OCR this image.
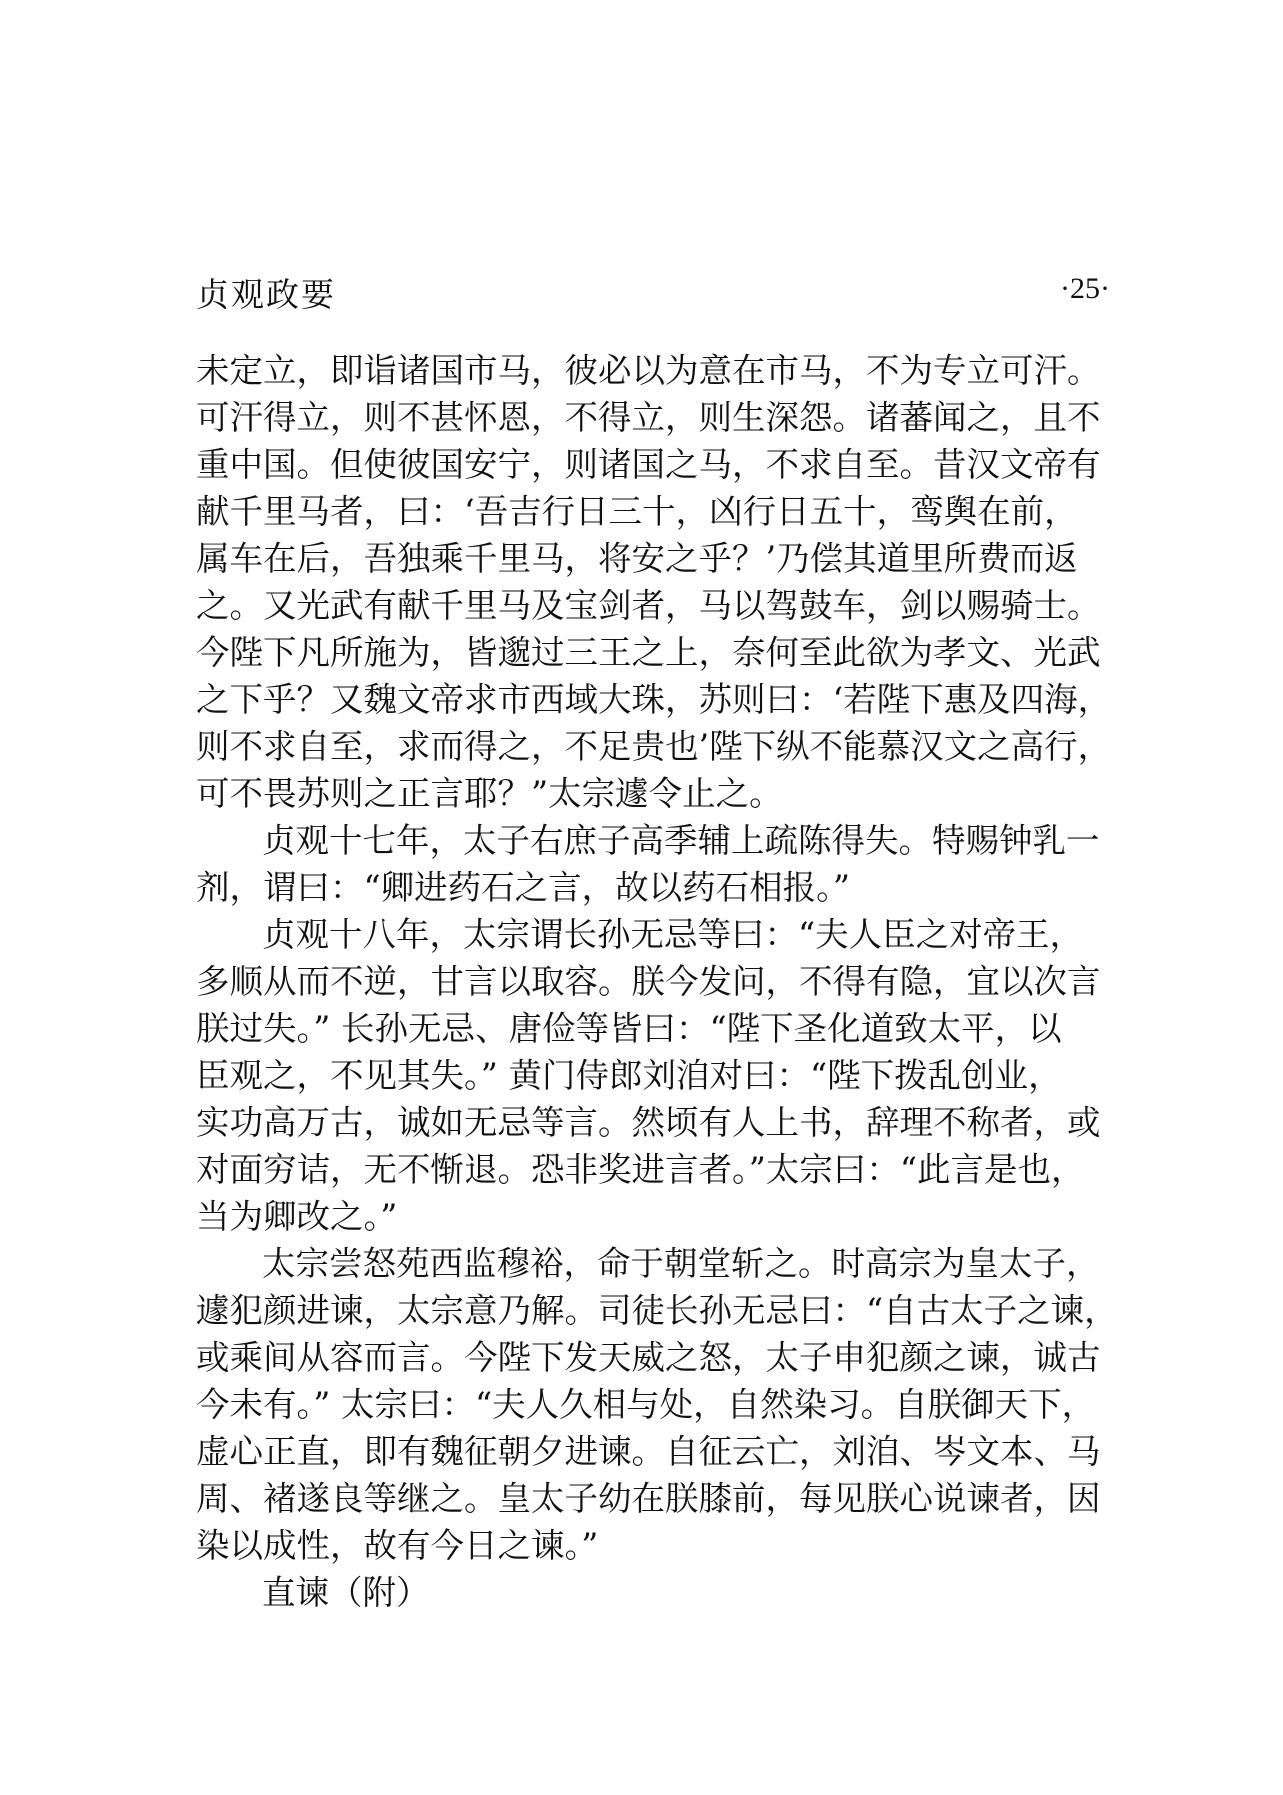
贞观政要	·25·
未定立，即诣诸国市马，彼必以为意在市马，不为专立可汗。
可汗得立，则不甚怀恩，不得立，则生深怨。诸蕃闻之，且不
重中国。但使彼国安宁，则诸国之马，不求自至。昔汉文帝有
献千里马者，曰：‘吾吉行日三十，凶行日五十，鸾舆在前，
属车在后，吾独乘千里马，将安之乎？’乃偿其道里所费而返
之。又光武有献千里马及宝剑者，马以驾鼓车，剑以赐骑士。
今陛下凡所施为，皆邈过三王之上，奈何至此欲为孝文、光武
之下乎？又魏文帝求市西域大珠，苏则曰：‘若陛下惠及四海，
则不求自至，求而得之，不足贵也’陛下纵不能慕汉文之高行，
可不畏苏则之正言耶？”太宗遽令止之。
贞观十七年，太子右庶子高季辅上疏陈得失。特赐钟乳一
剂，谓曰：“卿进药石之言，故以药石相报。”
贞观十八年，太宗谓长孙无忌等曰：“夫人臣之对帝王，
多顺从而不逆，甘言以取容。朕今发问，不得有隐，宜以次言
朕过失。” 长孙无忌、唐俭等皆曰：“陛下圣化道致太平，以
臣观之，不见其失。” 黄门侍郎刘洎对曰：“陛下拨乱创业，
实功高万古，诚如无忌等言。然顷有人上书，辞理不称者，或
对面穷诘，无不惭退。恐非奖进言者。”太宗曰：“此言是也，
当为卿改之。”
太宗尝怒苑西监穆裕，命于朝堂斩之。时高宗为皇太子，
遽犯颜进谏，太宗意乃解。司徒长孙无忌曰：“自古太子之谏，
或乘间从容而言。今陛下发天威之怒，太子申犯颜之谏，诚古
今未有。” 太宗曰：“夫人久相与处，自然染习。自朕御天下，
虚心正直，即有魏征朝夕进谏。自征云亡，刘洎、岑文本、马
周、褚遂良等继之。皇太子幼在朕膝前，每见朕心说谏者，因
染以成性，故有今日之谏。”
直谏（附）
